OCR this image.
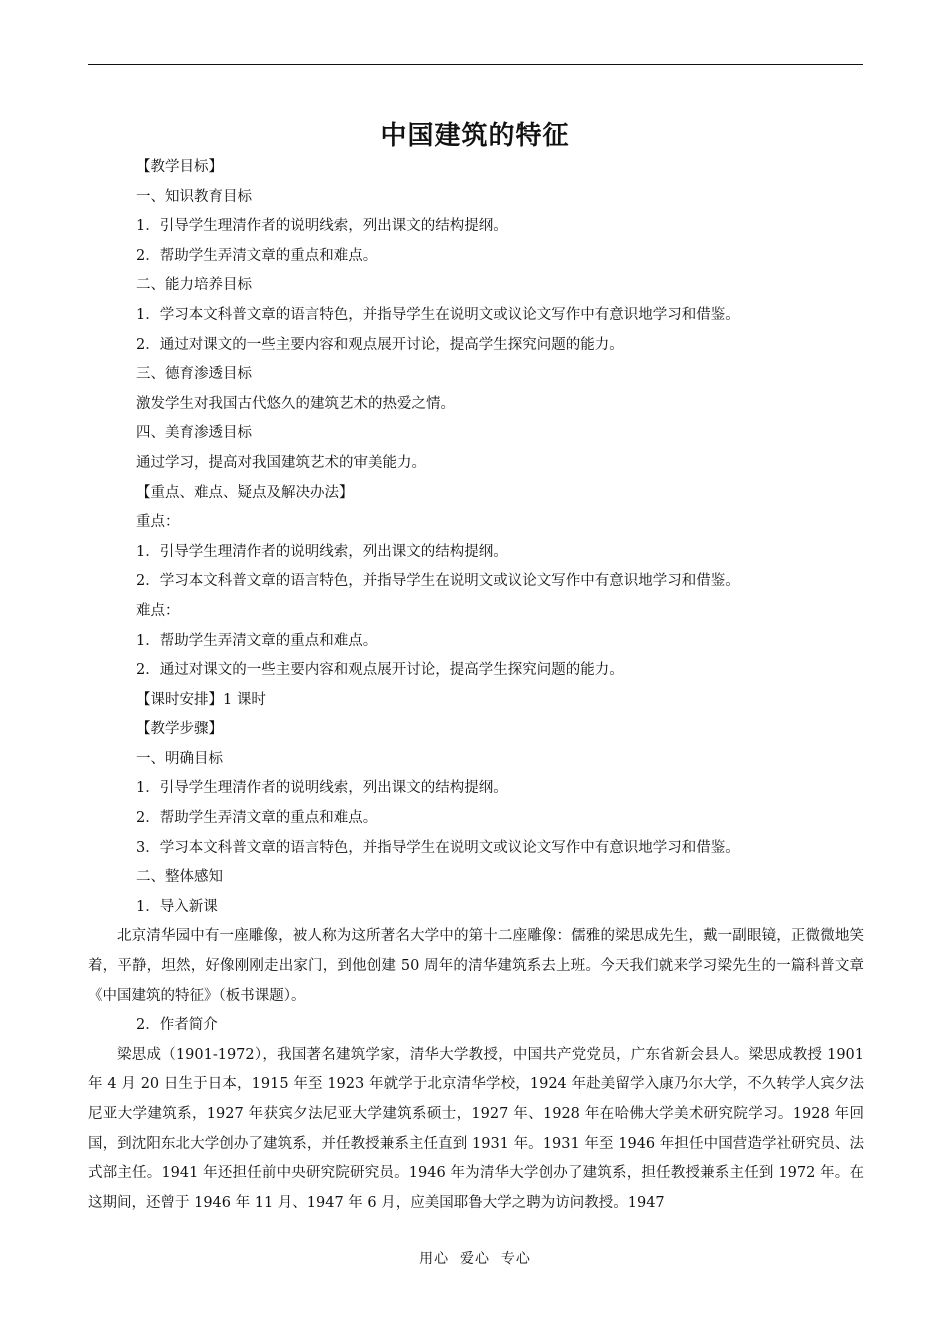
中国建筑的特征
【教学目标】
一、知识教育目标
1．引导学生理清作者的说明线索，列出课文的结构提纲。
2．帮助学生弄清文章的重点和难点。
二、能力培养目标
1．学习本文科普文章的语言特色，并指导学生在说明文或议论文写作中有意识地学习和借鉴。
2．通过对课文的一些主要内容和观点展开讨论，提高学生探究问题的能力。
三、德育渗透目标
激发学生对我国古代悠久的建筑艺术的热爱之情。
四、美育渗透目标
通过学习，提高对我国建筑艺术的审美能力。
【重点、难点、疑点及解决办法】
重点：
1．引导学生理清作者的说明线索，列出课文的结构提纲。
2．学习本文科普文章的语言特色，并指导学生在说明文或议论文写作中有意识地学习和借鉴。
难点：
1．帮助学生弄清文章的重点和难点。
2．通过对课文的一些主要内容和观点展开讨论，提高学生探究问题的能力。
【课时安排】1 课时
【教学步骤】
一、明确目标
1．引导学生理清作者的说明线索，列出课文的结构提纲。
2．帮助学生弄清文章的重点和难点。
3．学习本文科普文章的语言特色，并指导学生在说明文或议论文写作中有意识地学习和借鉴。
二、整体感知
1．导入新课
北京清华园中有一座雕像，被人称为这所著名大学中的第十二座雕像：儒雅的梁思成先生，戴一副眼镜，正微微地笑着，平静，坦然，好像刚刚走出家门，到他创建 50 周年的清华建筑系去上班。今天我们就来学习梁先生的一篇科普文章《中国建筑的特征》（板书课题）。
2．作者简介
梁思成（1901-1972），我国著名建筑学家，清华大学教授，中国共产党党员，广东省新会县人。梁思成教授 1901 年 4 月 20 日生于日本，1915 年至 1923 年就学于北京清华学校，1924 年赴美留学入康乃尔大学，不久转学人宾夕法尼亚大学建筑系，1927 年获宾夕法尼亚大学建筑系硕士，1927 年、1928 年在哈佛大学美术研究院学习。1928 年回国，到沈阳东北大学创办了建筑系，并任教授兼系主任直到 1931 年。1931 年至 1946 年担任中国营造学社研究员、法式部主任。1941 年还担任前中央研究院研究员。1946 年为清华大学创办了建筑系，担任教授兼系主任到 1972 年。在这期间，还曾于 1946 年 11 月、1947 年 6 月，应美国耶鲁大学之聘为访问教授。1947
用心  爱心  专心
